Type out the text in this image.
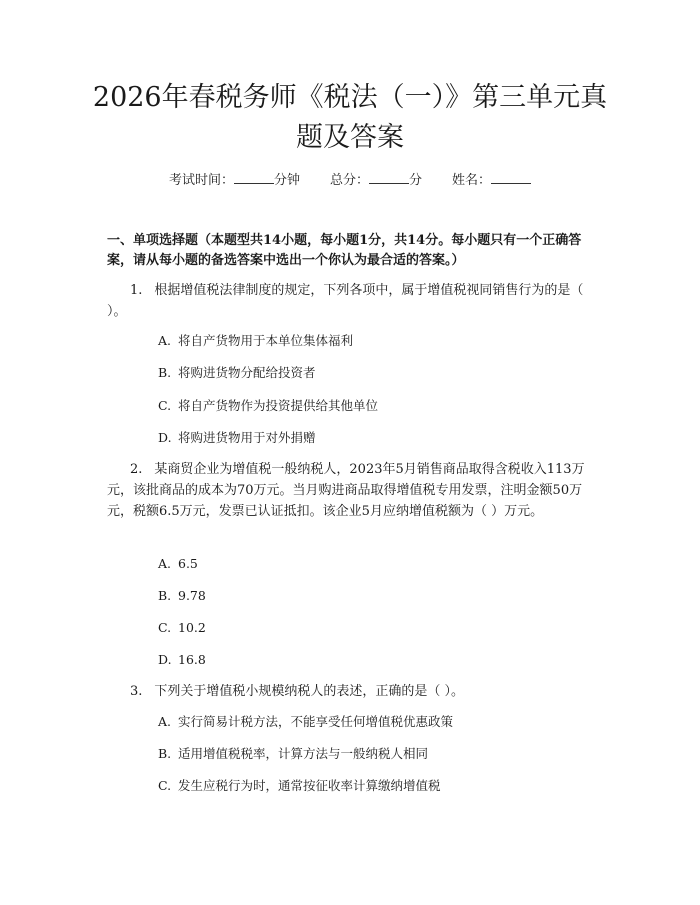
2026年春税务师《税法（一）》第三单元真
题及答案
考试时间：	分钟 总分：	分 姓名：

一、单项选择题（本题型共14小题，每小题1分，共14分。每小题只有一个正确答案，请从每小题的备选答案中选出一个你认为最合适的答案。）

1. 根据增值税法律制度的规定，下列各项中，属于增值税视同销售行为的是（ ）。

A. 将自产货物用于本单位集体福利
B. 将购进货物分配给投资者
C. 将自产货物作为投资提供给其他单位
D. 将购进货物用于对外捐赠

2. 某商贸企业为增值税一般纳税人，2023年5月销售商品取得含税收入113万元，该批商品的成本为70万元。当月购进商品取得增值税专用发票，注明金额50万元，税额6.5万元，发票已认证抵扣。该企业5月应纳增值税额为（ ）万元。

A. 6.5
B. 9.78
C. 10.2
D. 16.8

3. 下列关于增值税小规模纳税人的表述，正确的是（ ）。

A. 实行简易计税方法，不能享受任何增值税优惠政策
B. 适用增值税税率，计算方法与一般纳税人相同
C. 发生应税行为时，通常按征收率计算缴纳增值税
